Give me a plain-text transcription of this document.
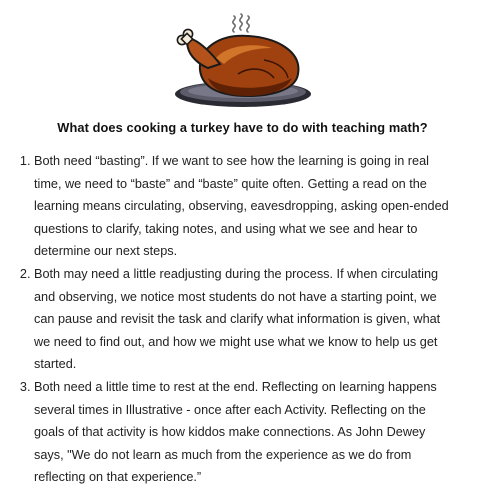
What does cooking a turkey have to do with teaching math?
1. Both need “basting”. If we want to see how the learning is going in real time, we need to “baste” and “baste” quite often. Getting a read on the learning means circulating, observing, eavesdropping, asking open-ended questions to clarify, taking notes, and using what we see and hear to determine our next steps.
2. Both may need a little readjusting during the process. If when circulating and observing, we notice most students do not have a starting point, we can pause and revisit the task and clarify what information is given, what we need to find out, and how we might use what we know to help us get started.
3. Both need a little time to rest at the end. Reflecting on learning happens several times in Illustrative - once after each Activity. Reflecting on the goals of that activity is how kiddos make connections. As John Dewey says, "We do not learn as much from the experience as we do from reflecting on that experience.”
